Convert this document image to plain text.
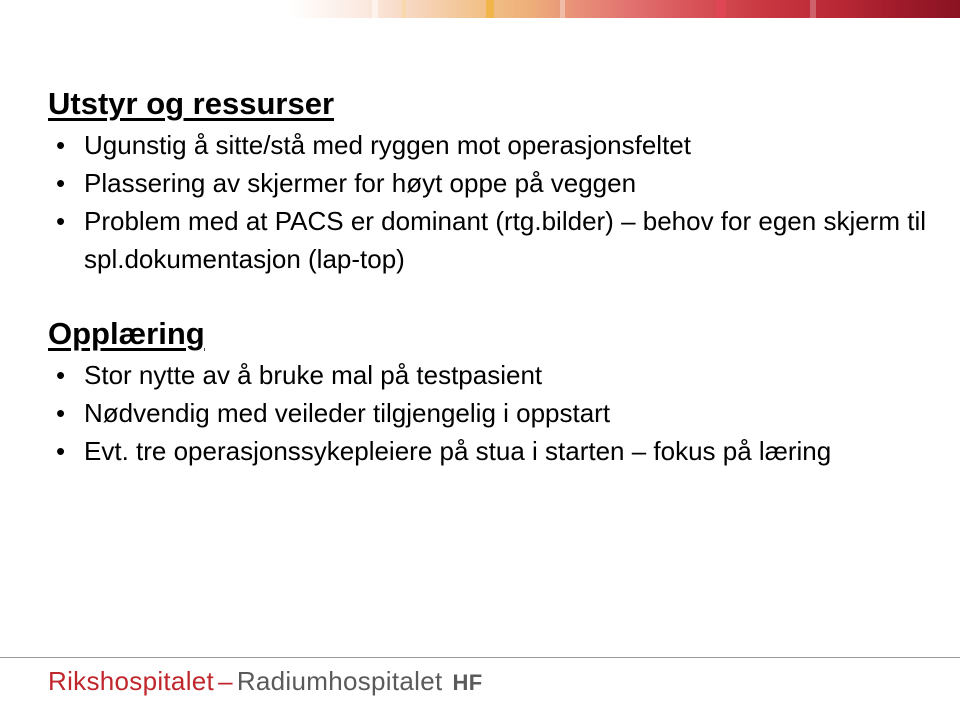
Utstyr og ressurser
• Ugunstig å sitte/stå med ryggen mot operasjonsfeltet
• Plassering av skjermer for høyt oppe på veggen
• Problem med at PACS er dominant (rtg.bilder) – behov for egen skjerm til spl.dokumentasjon (lap-top)
Opplæring
• Stor nytte av å bruke mal på testpasient
• Nødvendig med veileder tilgjengelig i oppstart
• Evt. tre operasjonssykepleiere på stua i starten – fokus på læring
Rikshospitalet – Radiumhospitalet HF
